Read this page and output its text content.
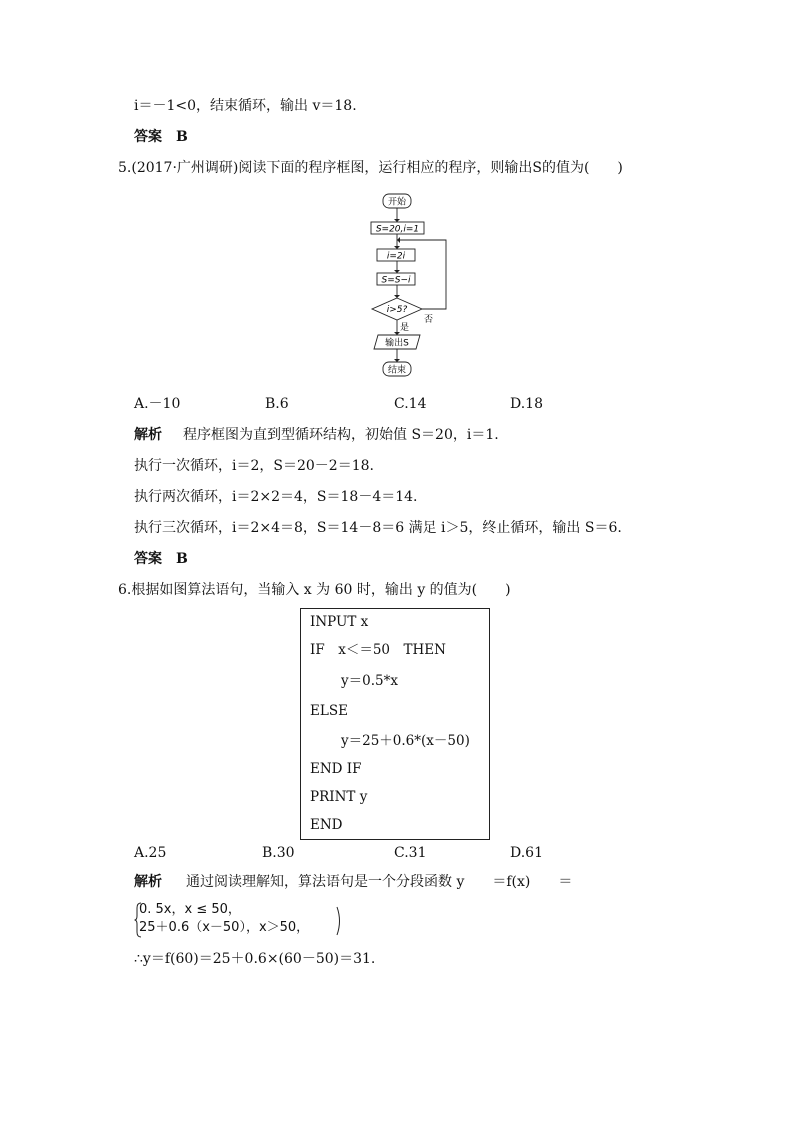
i＝－1<0，结束循环，输出 v＝18.
答案　B
5.(2017·广州调研)阅读下面的程序框图，运行相应的程序，则输出S的值为(　　)
开始
S=20,i=1
i=2i
S=S−i
i>5?
否
是
输出S
结束
A.－10	B.6	C.14	D.18
解析 程序框图为直到型循环结构，初始值 S＝20，i＝1.
执行一次循环，i＝2，S＝20－2＝18.
执行两次循环，i＝2×2＝4，S＝18－4＝14.
执行三次循环，i＝2×4＝8，S＝14－8＝6 满足 i＞5，终止循环，输出 S＝6.
答案　B
6.根据如图算法语句，当输入 x 为 60 时，输出 y 的值为(　　)
INPUT x
IF　x＜＝50　THEN
y＝0.5*x
ELSE
y＝25＋0.6*(x－50)
END IF
PRINT y
END
A.25	B.30	C.31	D.61
解析 通过阅读理解知，算法语句是一个分段函数 y　　＝f(x)　　＝
0. 5x，x ≤ 50，
25＋0.6（x－50），x＞50，
∴y＝f(60)＝25＋0.6×(60－50)＝31.
